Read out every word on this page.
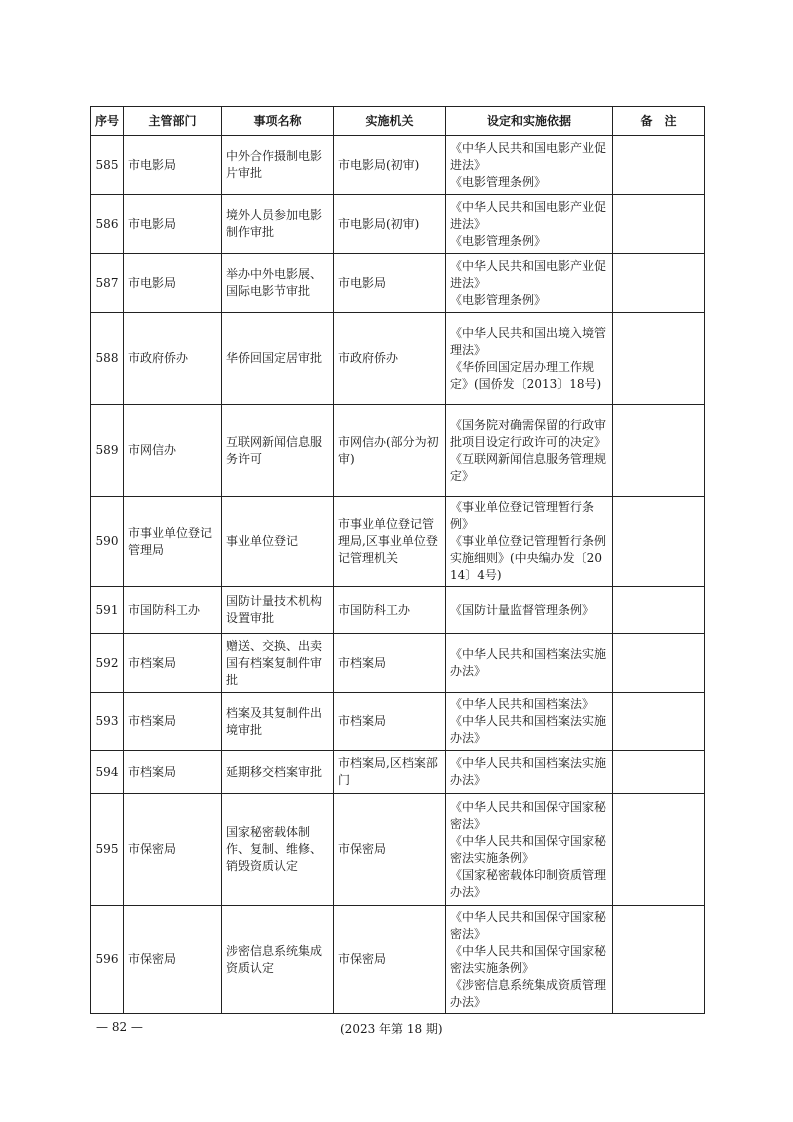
序号	主管部门	事项名称	实施机关	设定和实施依据	备　注
585	市电影局	中外合作摄制电影片审批	市电影局(初审)	《中华人民共和国电影产业促进法》
《电影管理条例》	

586	市电影局	境外人员参加电影制作审批	市电影局(初审)	《中华人民共和国电影产业促进法》
《电影管理条例》	

587	市电影局	举办中外电影展、国际电影节审批	市电影局	《中华人民共和国电影产业促进法》
《电影管理条例》	

588	市政府侨办	华侨回国定居审批	市政府侨办	《中华人民共和国出境入境管理法》
《华侨回国定居办理工作规定》(国侨发〔2013〕18号)	

589	市网信办	互联网新闻信息服务许可	市网信办(部分为初审)	《国务院对确需保留的行政审批项目设定行政许可的决定》
《互联网新闻信息服务管理规定》	

590	市事业单位登记管理局	事业单位登记	市事业单位登记管理局,区事业单位登记管理机关	《事业单位登记管理暂行条例》
《事业单位登记管理暂行条例实施细则》(中央编办发〔2014〕4号)	

591	市国防科工办	国防计量技术机构设置审批	市国防科工办	《国防计量监督管理条例》	

592	市档案局	赠送、交换、出卖国有档案复制件审批	市档案局	《中华人民共和国档案法实施办法》	

593	市档案局	档案及其复制件出境审批	市档案局	《中华人民共和国档案法》
《中华人民共和国档案法实施办法》	

594	市档案局	延期移交档案审批	市档案局,区档案部门	《中华人民共和国档案法实施办法》	

595	市保密局	国家秘密载体制作、复制、维修、销毁资质认定	市保密局	《中华人民共和国保守国家秘密法》
《中华人民共和国保守国家秘密法实施条例》
《国家秘密载体印制资质管理办法》	

596	市保密局	涉密信息系统集成资质认定	市保密局	《中华人民共和国保守国家秘密法》
《中华人民共和国保守国家秘密法实施条例》
《涉密信息系统集成资质管理办法》	

— 82 —	(2023 年第 18 期)
